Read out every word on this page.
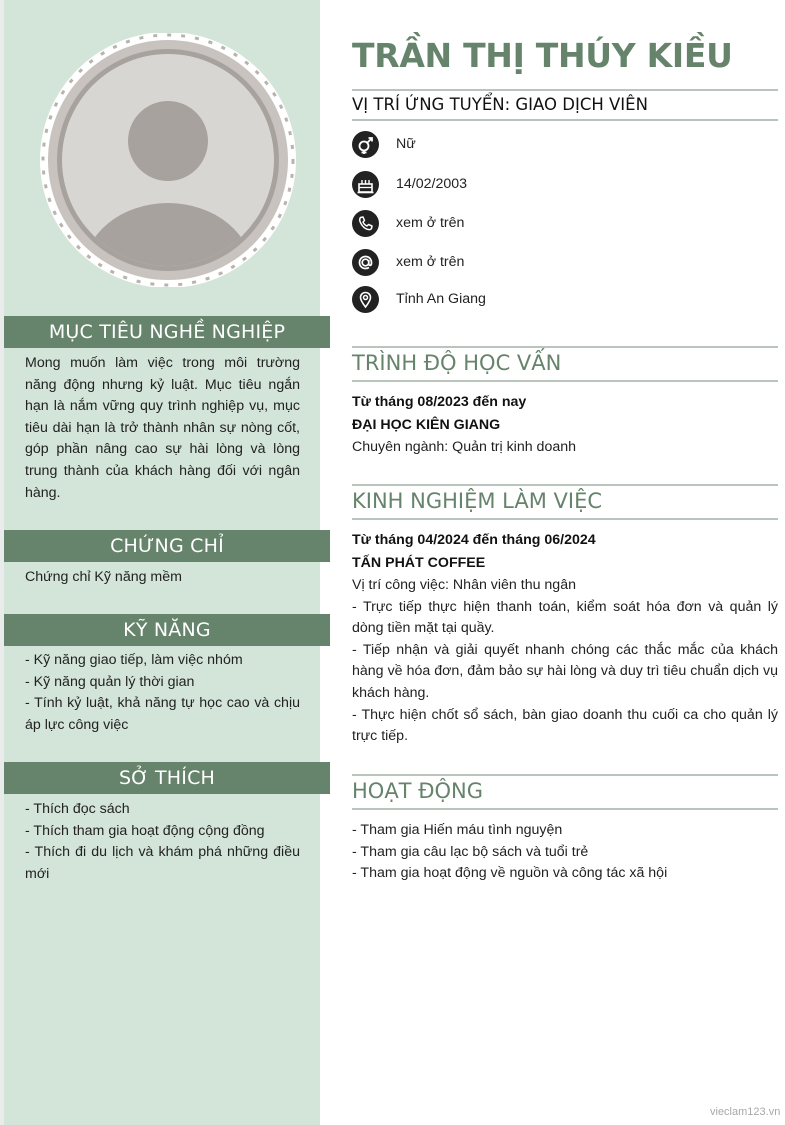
MỤC TIÊU NGHỀ NGHIỆP
Mong muốn làm việc trong môi trường năng động nhưng kỷ luật. Mục tiêu ngắn hạn là nắm vững quy trình nghiệp vụ, mục tiêu dài hạn là trở thành nhân sự nòng cốt, góp phần nâng cao sự hài lòng và lòng trung thành của khách hàng đối với ngân hàng.
CHỨNG CHỈ
Chứng chỉ Kỹ năng mềm
KỸ NĂNG
- Kỹ năng giao tiếp, làm việc nhóm
- Kỹ năng quản lý thời gian
- Tính kỷ luật, khả năng tự học cao và chịu áp lực công việc
SỞ THÍCH
- Thích đọc sách
- Thích tham gia hoạt động cộng đồng
- Thích đi du lịch và khám phá những điều mới
TRẦN THỊ THÚY KIỀU
VỊ TRÍ ỨNG TUYỂN: GIAO DỊCH VIÊN
Nữ
14/02/2003
xem ở trên
xem ở trên
Tỉnh An Giang
TRÌNH ĐỘ HỌC VẤN
Từ tháng 08/2023 đến nay
ĐẠI HỌC KIÊN GIANG
Chuyên ngành: Quản trị kinh doanh
KINH NGHIỆM LÀM VIỆC
Từ tháng 04/2024 đến tháng 06/2024
TẤN PHÁT COFFEE
Vị trí công việc: Nhân viên thu ngân
- Trực tiếp thực hiện thanh toán, kiểm soát hóa đơn và quản lý dòng tiền mặt tại quầy.
- Tiếp nhận và giải quyết nhanh chóng các thắc mắc của khách hàng về hóa đơn, đảm bảo sự hài lòng và duy trì tiêu chuẩn dịch vụ khách hàng.
- Thực hiện chốt sổ sách, bàn giao doanh thu cuối ca cho quản lý trực tiếp.
HOẠT ĐỘNG
- Tham gia Hiến máu tình nguyện
- Tham gia câu lạc bộ sách và tuổi trẻ
- Tham gia hoạt động về nguồn và công tác xã hội
vieclam123.vn
